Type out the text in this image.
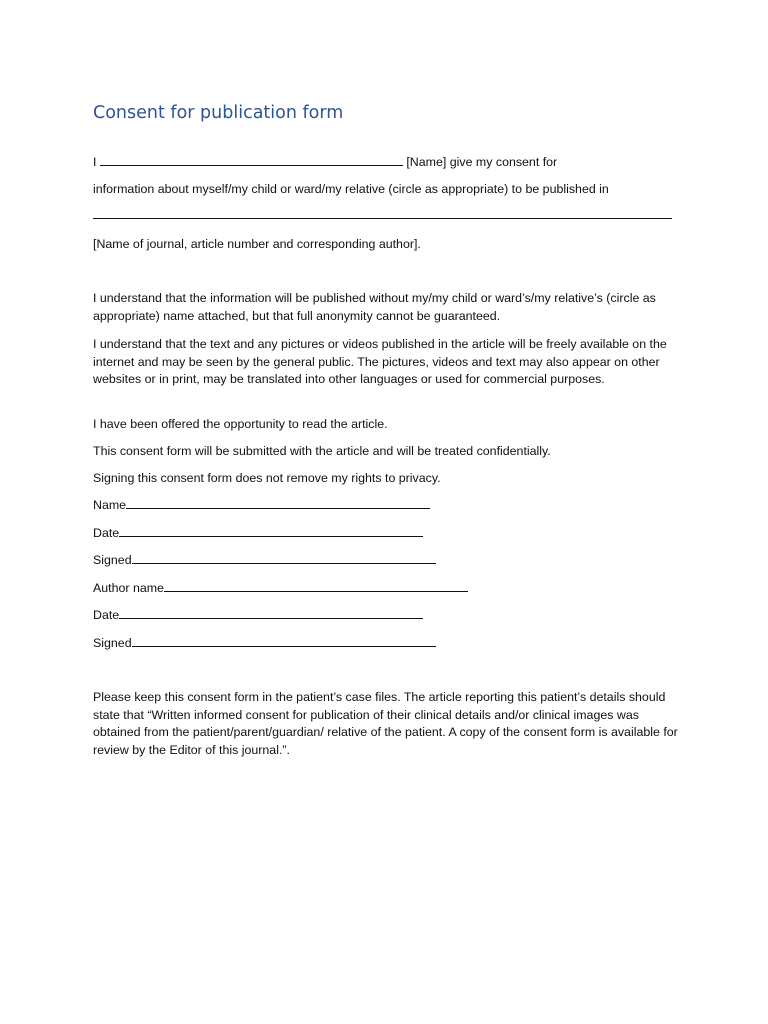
Consent for publication form
I	[Name] give my consent for
information about myself/my child or ward/my relative (circle as appropriate) to be published in
[Name of journal, article number and corresponding author].

I understand that the information will be published without my/my child or ward’s/my relative’s (circle as appropriate) name attached, but that full anonymity cannot be guaranteed.

I understand that the text and any pictures or videos published in the article will be freely available on the internet and may be seen by the general public. The pictures, videos and text may also appear on other websites or in print, may be translated into other languages or used for commercial purposes.

I have been offered the opportunity to read the article.

This consent form will be submitted with the article and will be treated confidentially.

Signing this consent form does not remove my rights to privacy.

Name
Date
Signed
Author name
Date
Signed

Please keep this consent form in the patient’s case files. The article reporting this patient’s details should state that “Written informed consent for publication of their clinical details and/or clinical images was obtained from the patient/parent/guardian/ relative of the patient. A copy of the consent form is available for review by the Editor of this journal.”.
